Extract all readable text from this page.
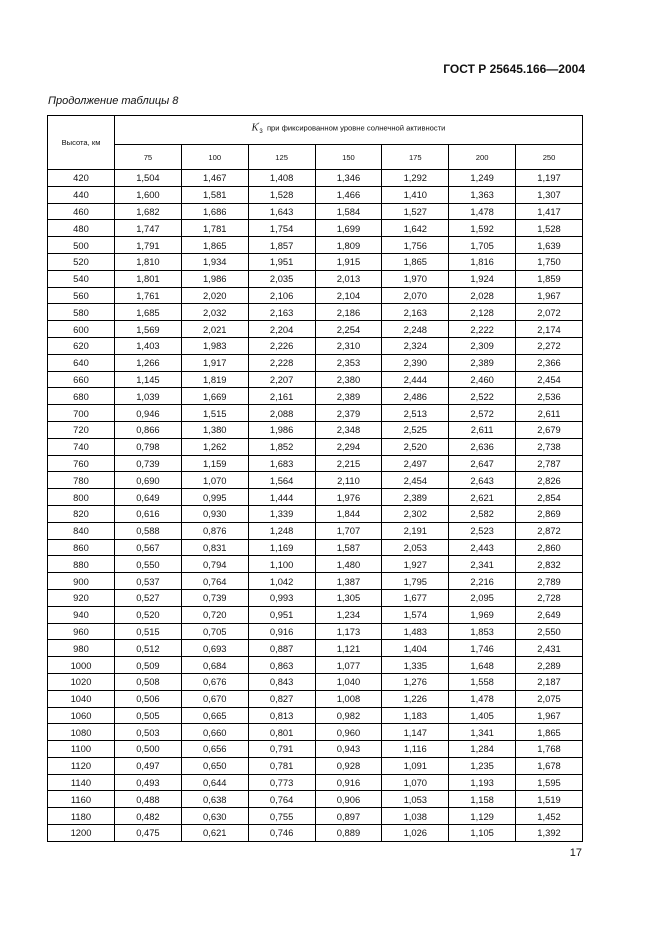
ГОСТ Р 25645.166—2004
Продолжение таблицы 8
Высота, км	$K'_3$ при фиксированном уровне солнечной активности						
	75	100	125	150	175	200	250
420	1,504	1,467	1,408	1,346	1,292	1,249	1,197
440	1,600	1,581	1,528	1,466	1,410	1,363	1,307
460	1,682	1,686	1,643	1,584	1,527	1,478	1,417
480	1,747	1,781	1,754	1,699	1,642	1,592	1,528
500	1,791	1,865	1,857	1,809	1,756	1,705	1,639
520	1,810	1,934	1,951	1,915	1,865	1,816	1,750
540	1,801	1,986	2,035	2,013	1,970	1,924	1,859
560	1,761	2,020	2,106	2,104	2,070	2,028	1,967
580	1,685	2,032	2,163	2,186	2,163	2,128	2,072
600	1,569	2,021	2,204	2,254	2,248	2,222	2,174
620	1,403	1,983	2,226	2,310	2,324	2,309	2,272
640	1,266	1,917	2,228	2,353	2,390	2,389	2,366
660	1,145	1,819	2,207	2,380	2,444	2,460	2,454
680	1,039	1,669	2,161	2,389	2,486	2,522	2,536
700	0,946	1,515	2,088	2,379	2,513	2,572	2,611
720	0,866	1,380	1,986	2,348	2,525	2,611	2,679
740	0,798	1,262	1,852	2,294	2,520	2,636	2,738
760	0,739	1,159	1,683	2,215	2,497	2,647	2,787
780	0,690	1,070	1,564	2,110	2,454	2,643	2,826
800	0,649	0,995	1,444	1,976	2,389	2,621	2,854
820	0,616	0,930	1,339	1,844	2,302	2,582	2,869
840	0,588	0,876	1,248	1,707	2,191	2,523	2,872
860	0,567	0,831	1,169	1,587	2,053	2,443	2,860
880	0,550	0,794	1,100	1,480	1,927	2,341	2,832
900	0,537	0,764	1,042	1,387	1,795	2,216	2,789
920	0,527	0,739	0,993	1,305	1,677	2,095	2,728
940	0,520	0,720	0,951	1,234	1,574	1,969	2,649
960	0,515	0,705	0,916	1,173	1,483	1,853	2,550
980	0,512	0,693	0,887	1,121	1,404	1,746	2,431
1000	0,509	0,684	0,863	1,077	1,335	1,648	2,289
1020	0,508	0,676	0,843	1,040	1,276	1,558	2,187
1040	0,506	0,670	0,827	1,008	1,226	1,478	2,075
1060	0,505	0,665	0,813	0,982	1,183	1,405	1,967
1080	0,503	0,660	0,801	0,960	1,147	1,341	1,865
1100	0,500	0,656	0,791	0,943	1,116	1,284	1,768
1120	0,497	0,650	0,781	0,928	1,091	1,235	1,678
1140	0,493	0,644	0,773	0,916	1,070	1,193	1,595
1160	0,488	0,638	0,764	0,906	1,053	1,158	1,519
1180	0,482	0,630	0,755	0,897	1,038	1,129	1,452
1200	0,475	0,621	0,746	0,889	1,026	1,105	1,392
17
